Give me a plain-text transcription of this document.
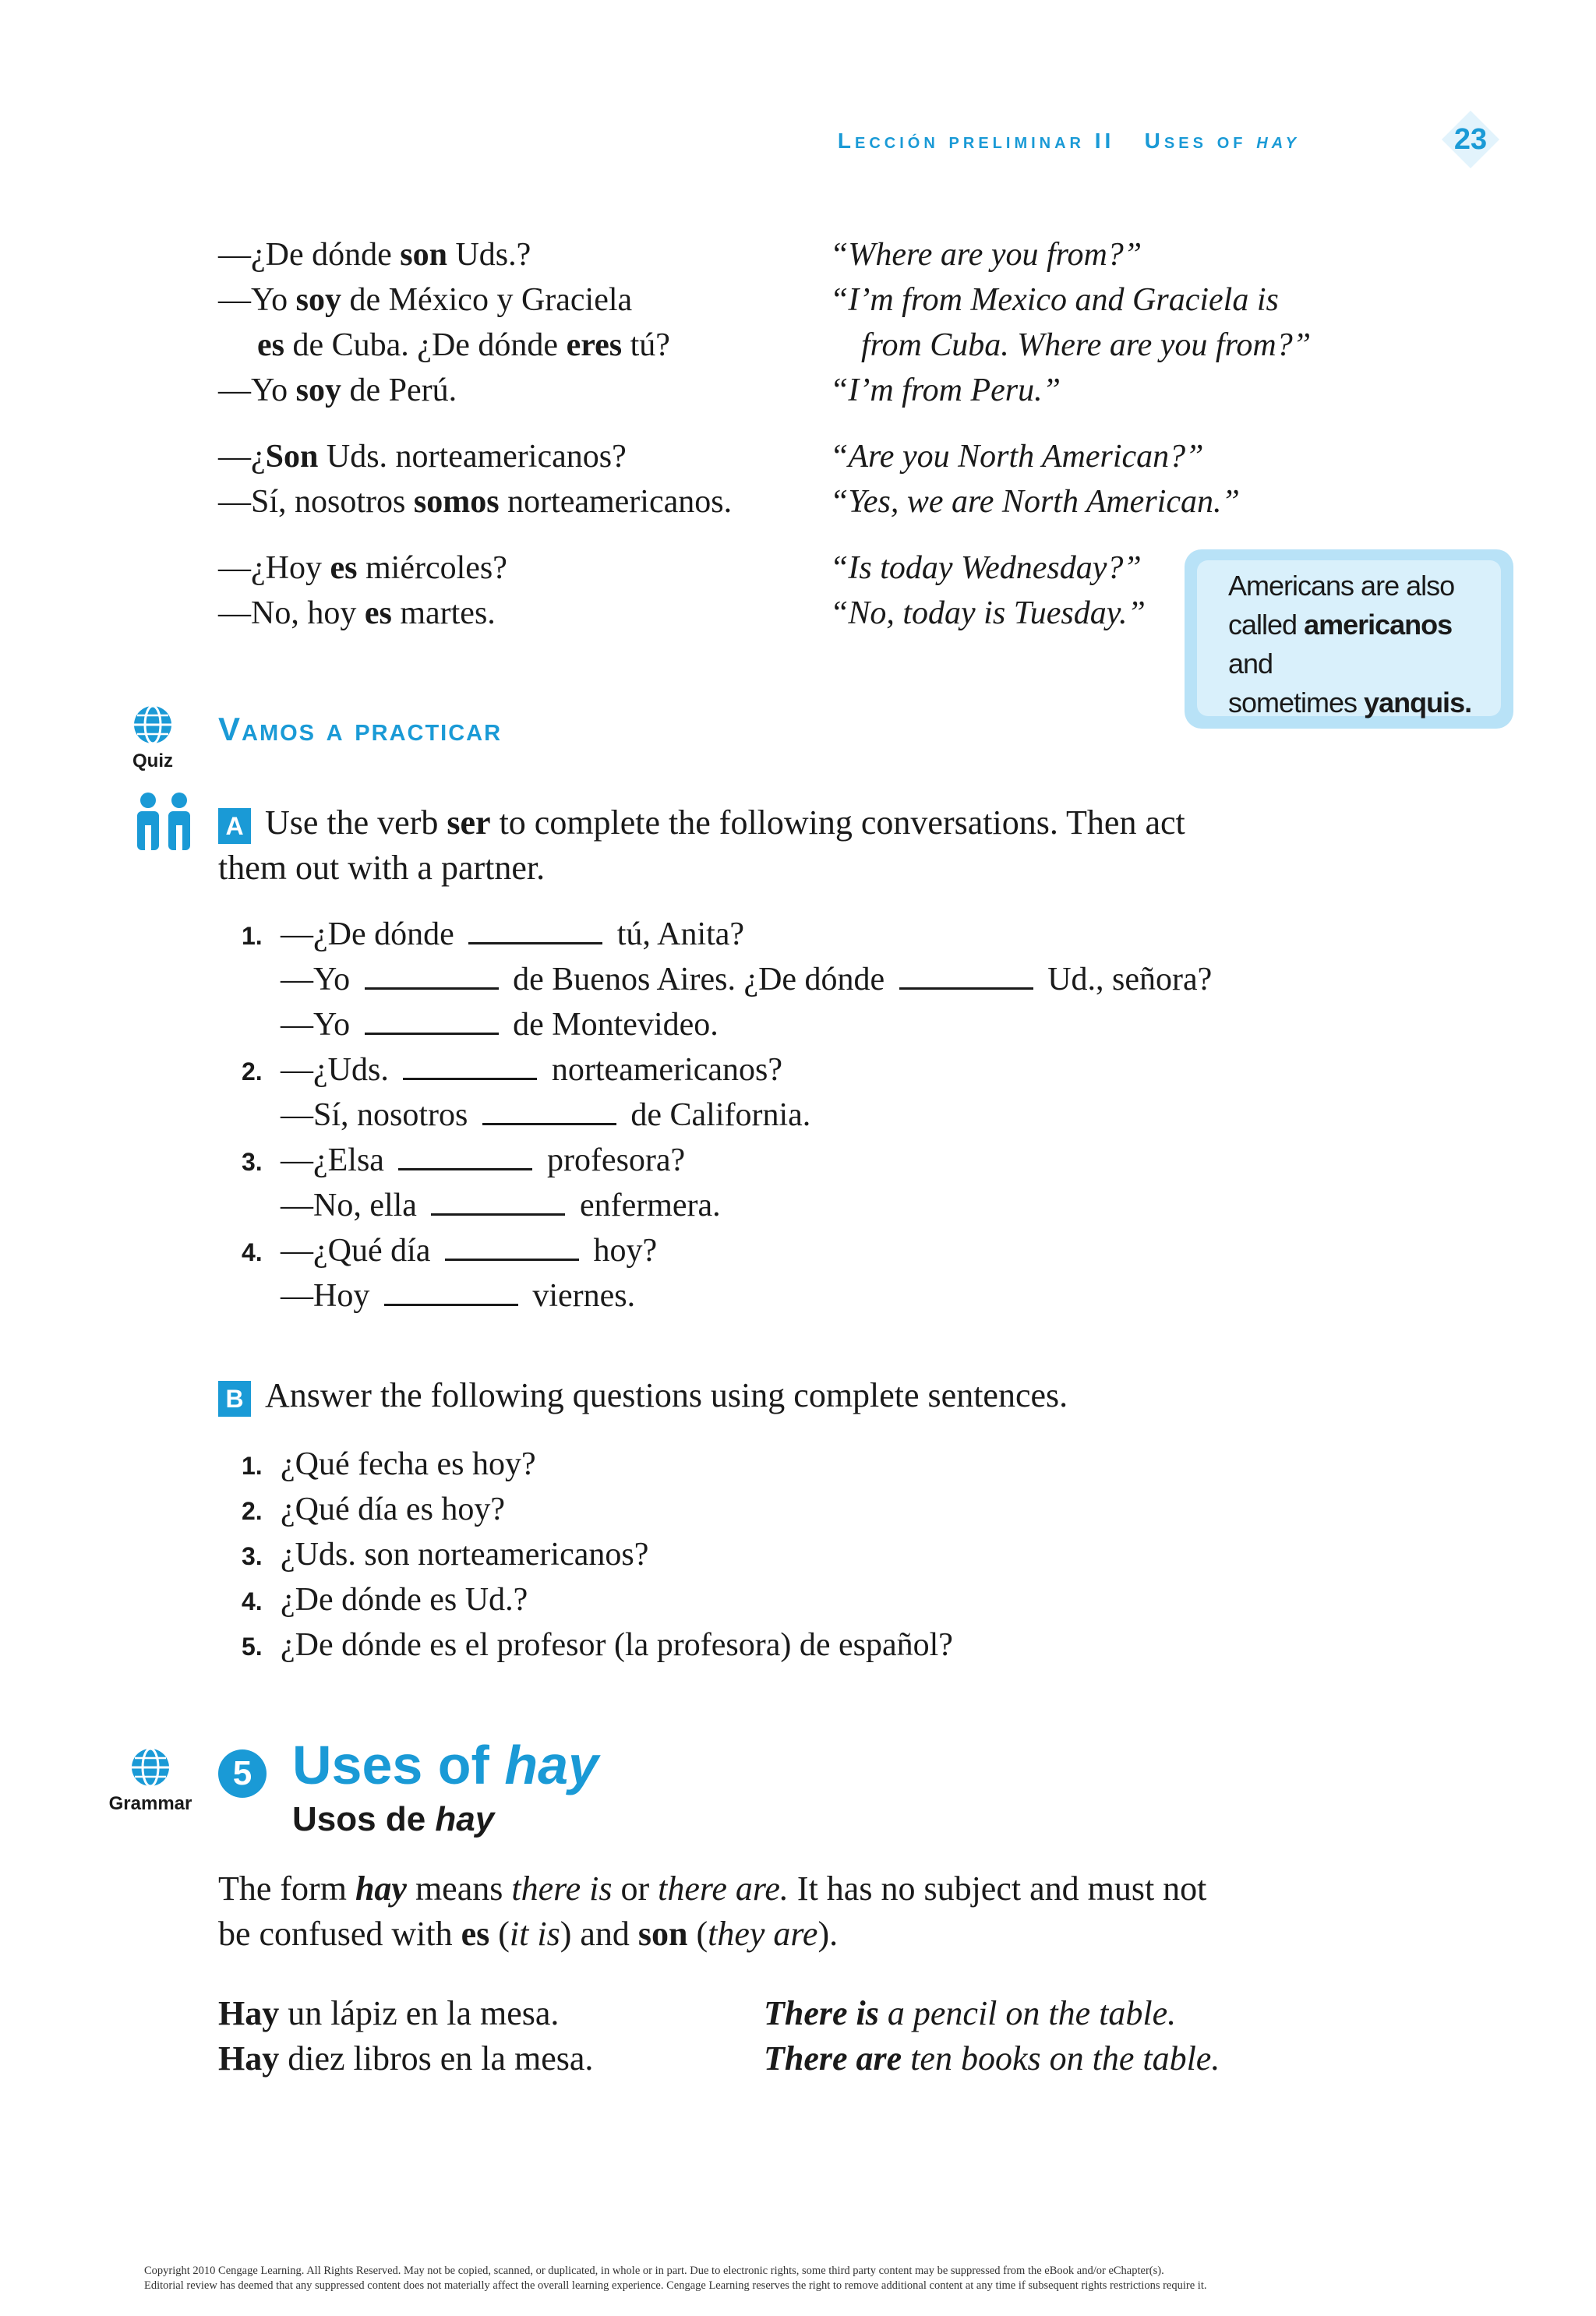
Lección preliminar II Uses of hay	23
—¿De dónde son Uds.?	“Where are you from?”
—Yo soy de México y Graciela	“I’m from Mexico and Graciela is
es de Cuba. ¿De dónde eres tú?	from Cuba. Where are you from?”
—Yo soy de Perú.	“I’m from Peru.”
—¿Son Uds. norteamericanos?	“Are you North American?”
—Sí, nosotros somos norteamericanos.	“Yes, we are North American.”
—¿Hoy es miércoles?	“Is today Wednesday?”
—No, hoy es martes.	“No, today is Tuesday.”
Americans are also
called americanos and
sometimes yanquis.
Quiz
Vamos a practicar
A Use the verb ser to complete the following conversations. Then act
them out with a partner.
1. —¿De dónde	tú, Anita?
—Yo	de Buenos Aires. ¿De dónde	Ud., señora?
—Yo	de Montevideo.
2. —¿Uds.	norteamericanos?
—Sí, nosotros	de California.
3. —¿Elsa	profesora?
—No, ella	enfermera.
4. —¿Qué día	hoy?
—Hoy	viernes.
B Answer the following questions using complete sentences.
1. ¿Qué fecha es hoy?
2. ¿Qué día es hoy?
3. ¿Uds. son norteamericanos?
4. ¿De dónde es Ud.?
5. ¿De dónde es el profesor (la profesora) de español?
Grammar
5 Uses of hay
Usos de hay
The form hay means there is or there are. It has no subject and must not
be confused with es (it is) and son (they are).
Hay un lápiz en la mesa.	There is a pencil on the table.
Hay diez libros en la mesa.	There are ten books on the table.
Copyright 2010 Cengage Learning. All Rights Reserved. May not be copied, scanned, or duplicated, in whole or in part. Due to electronic rights, some third party content may be suppressed from the eBook and/or eChapter(s).
Editorial review has deemed that any suppressed content does not materially affect the overall learning experience. Cengage Learning reserves the right to remove additional content at any time if subsequent rights restrictions require it.
